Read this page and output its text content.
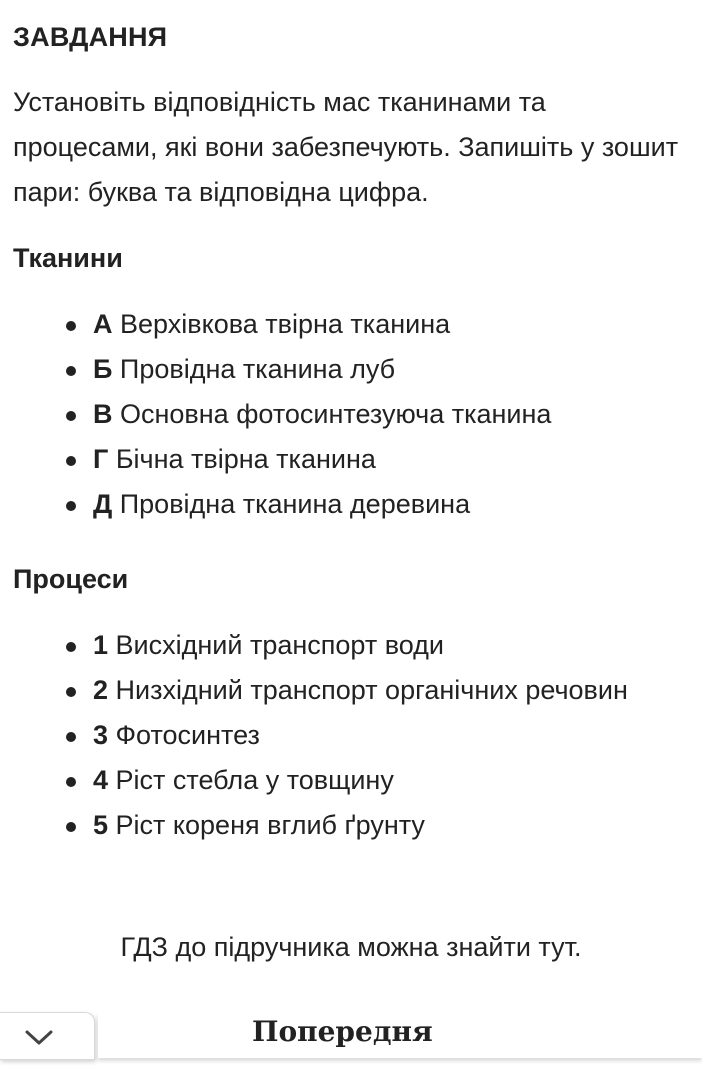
ЗАВДАННЯ

Установіть відповідність мас тканинами та процесами, які вони забезпечують. Запишіть у зошит пари: буква та відповідна цифра.

Тканини
А Верхівкова твірна тканина
Б Провідна тканина луб
В Основна фотосинтезуюча тканина
Г Бічна твірна тканина
Д Провідна тканина деревина
Процеси
1 Висхідний транспорт води
2 Низхідний транспорт органічних речовин
3 Фотосинтез
4 Ріст стебла у товщину
5 Ріст кореня вглиб ґрунту
ГДЗ до підручника можна знайти тут.
Попередня
